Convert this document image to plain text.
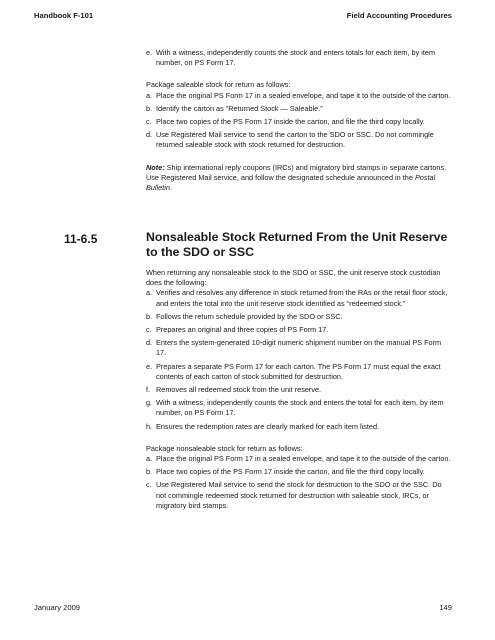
Handbook F-101	Field Accounting Procedures
e. With a witness, independently counts the stock and enters totals for each item, by item number, on PS Form 17.

Package saleable stock for return as follows:

a. Place the original PS Form 17 in a sealed envelope, and tape it to the outside of the carton.
b. Identify the carton as “Returned Stock — Saleable.”
c. Place two copies of the PS Form 17 inside the carton, and file the third copy locally.
d. Use Registered Mail service to send the carton to the SDO or SSC. Do not commingle returned saleable stock with stock returned for destruction.

Note: Ship international reply coupons (IRCs) and migratory bird stamps in separate cartons. Use Registered Mail service, and follow the designated schedule announced in the Postal Bulletin.

11-6.5	Nonsaleable Stock Returned From the Unit Reserve to the SDO or SSC

When returning any nonsaleable stock to the SDO or SSC, the unit reserve stock custodian does the following:

a. Verifies and resolves any difference in stock returned from the RAs or the retail floor stock, and enters the total into the unit reserve stock identified as “redeemed stock.”
b. Follows the return schedule provided by the SDO or SSC.
c. Prepares an original and three copies of PS Form 17.
d. Enters the system-generated 10-digit numeric shipment number on the manual PS Form 17.
e. Prepares a separate PS Form 17 for each carton. The PS Form 17 must equal the exact contents of each carton of stock submitted for destruction.
f. Removes all redeemed stock from the unit reserve.
g. With a witness, independently counts the stock and enters the total for each item, by item number, on PS Form 17.
h. Ensures the redemption rates are clearly marked for each item listed.

Package nonsaleable stock for return as follows:

a. Place the original PS Form 17 in a sealed envelope, and tape it to the outside of the carton.
b. Place two copies of the PS Form 17 inside the carton, and file the third copy locally.
c. Use Registered Mail service to send the stock for destruction to the SDO or the SSC. Do not commingle redeemed stock returned for destruction with saleable stock, IRCs, or migratory bird stamps.
January 2009	149
